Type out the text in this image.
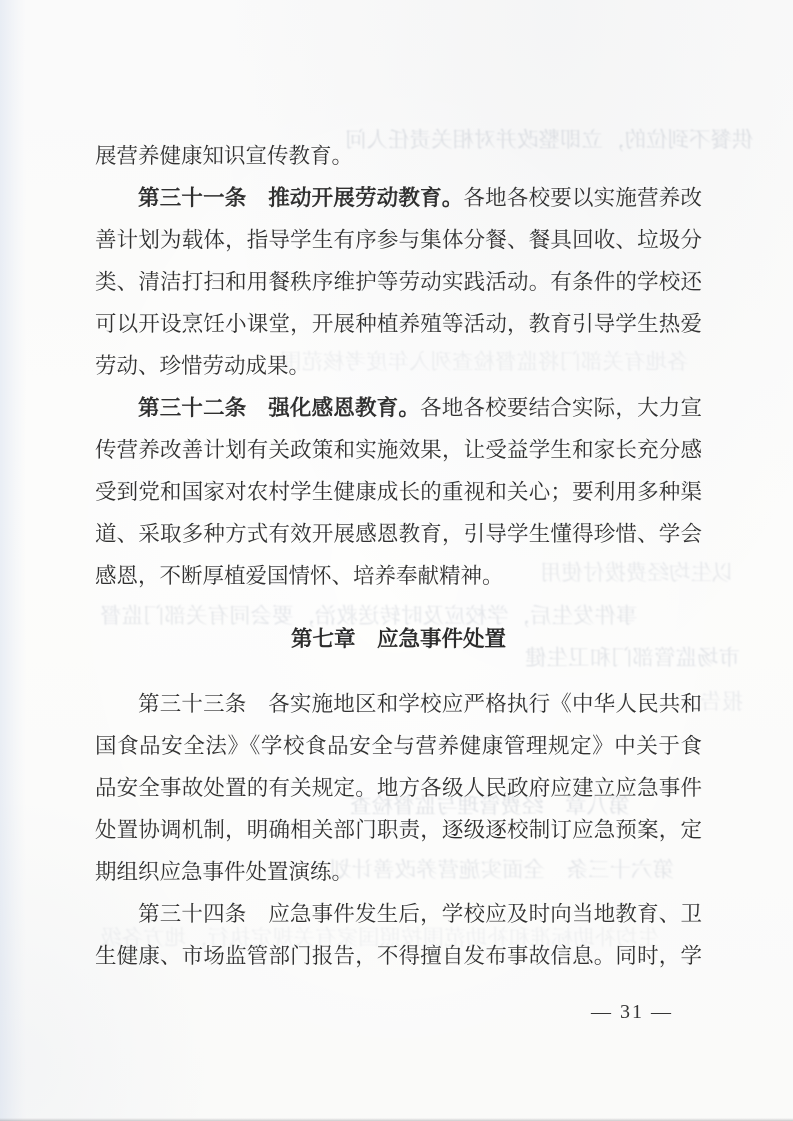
供餐不到位的，立即整改并对相关责任人问
各地有关部门将监督检查列入年度考核范围
以生均经费拨付使用
事件发生后，学校应及时转送救治，要会同有关部门监督
市场监管部门和卫生健
报告
第八章　经费管理与监督检查
第六十三条　全面实施营养改善计划
生均补助标准和补助范围按照国家有关规定执行，地方各级
展营养健康知识宣传教育。
第三十一条　推动开展劳动教育。各地各校要以实施营养改
善计划为载体，指导学生有序参与集体分餐、餐具回收、垃圾分
类、清洁打扫和用餐秩序维护等劳动实践活动。有条件的学校还
可以开设烹饪小课堂，开展种植养殖等活动，教育引导学生热爱
劳动、珍惜劳动成果。
第三十二条　强化感恩教育。各地各校要结合实际，大力宣
传营养改善计划有关政策和实施效果，让受益学生和家长充分感
受到党和国家对农村学生健康成长的重视和关心；要利用多种渠
道、采取多种方式有效开展感恩教育，引导学生懂得珍惜、学会
感恩，不断厚植爱国情怀、培养奉献精神。
第七章　应急事件处置
第三十三条　各实施地区和学校应严格执行《中华人民共和
国食品安全法》《学校食品安全与营养健康管理规定》中关于食
品安全事故处置的有关规定。地方各级人民政府应建立应急事件
处置协调机制，明确相关部门职责，逐级逐校制订应急预案，定
期组织应急事件处置演练。
第三十四条　应急事件发生后，学校应及时向当地教育、卫
生健康、市场监管部门报告，不得擅自发布事故信息。同时，学
— 31 —
